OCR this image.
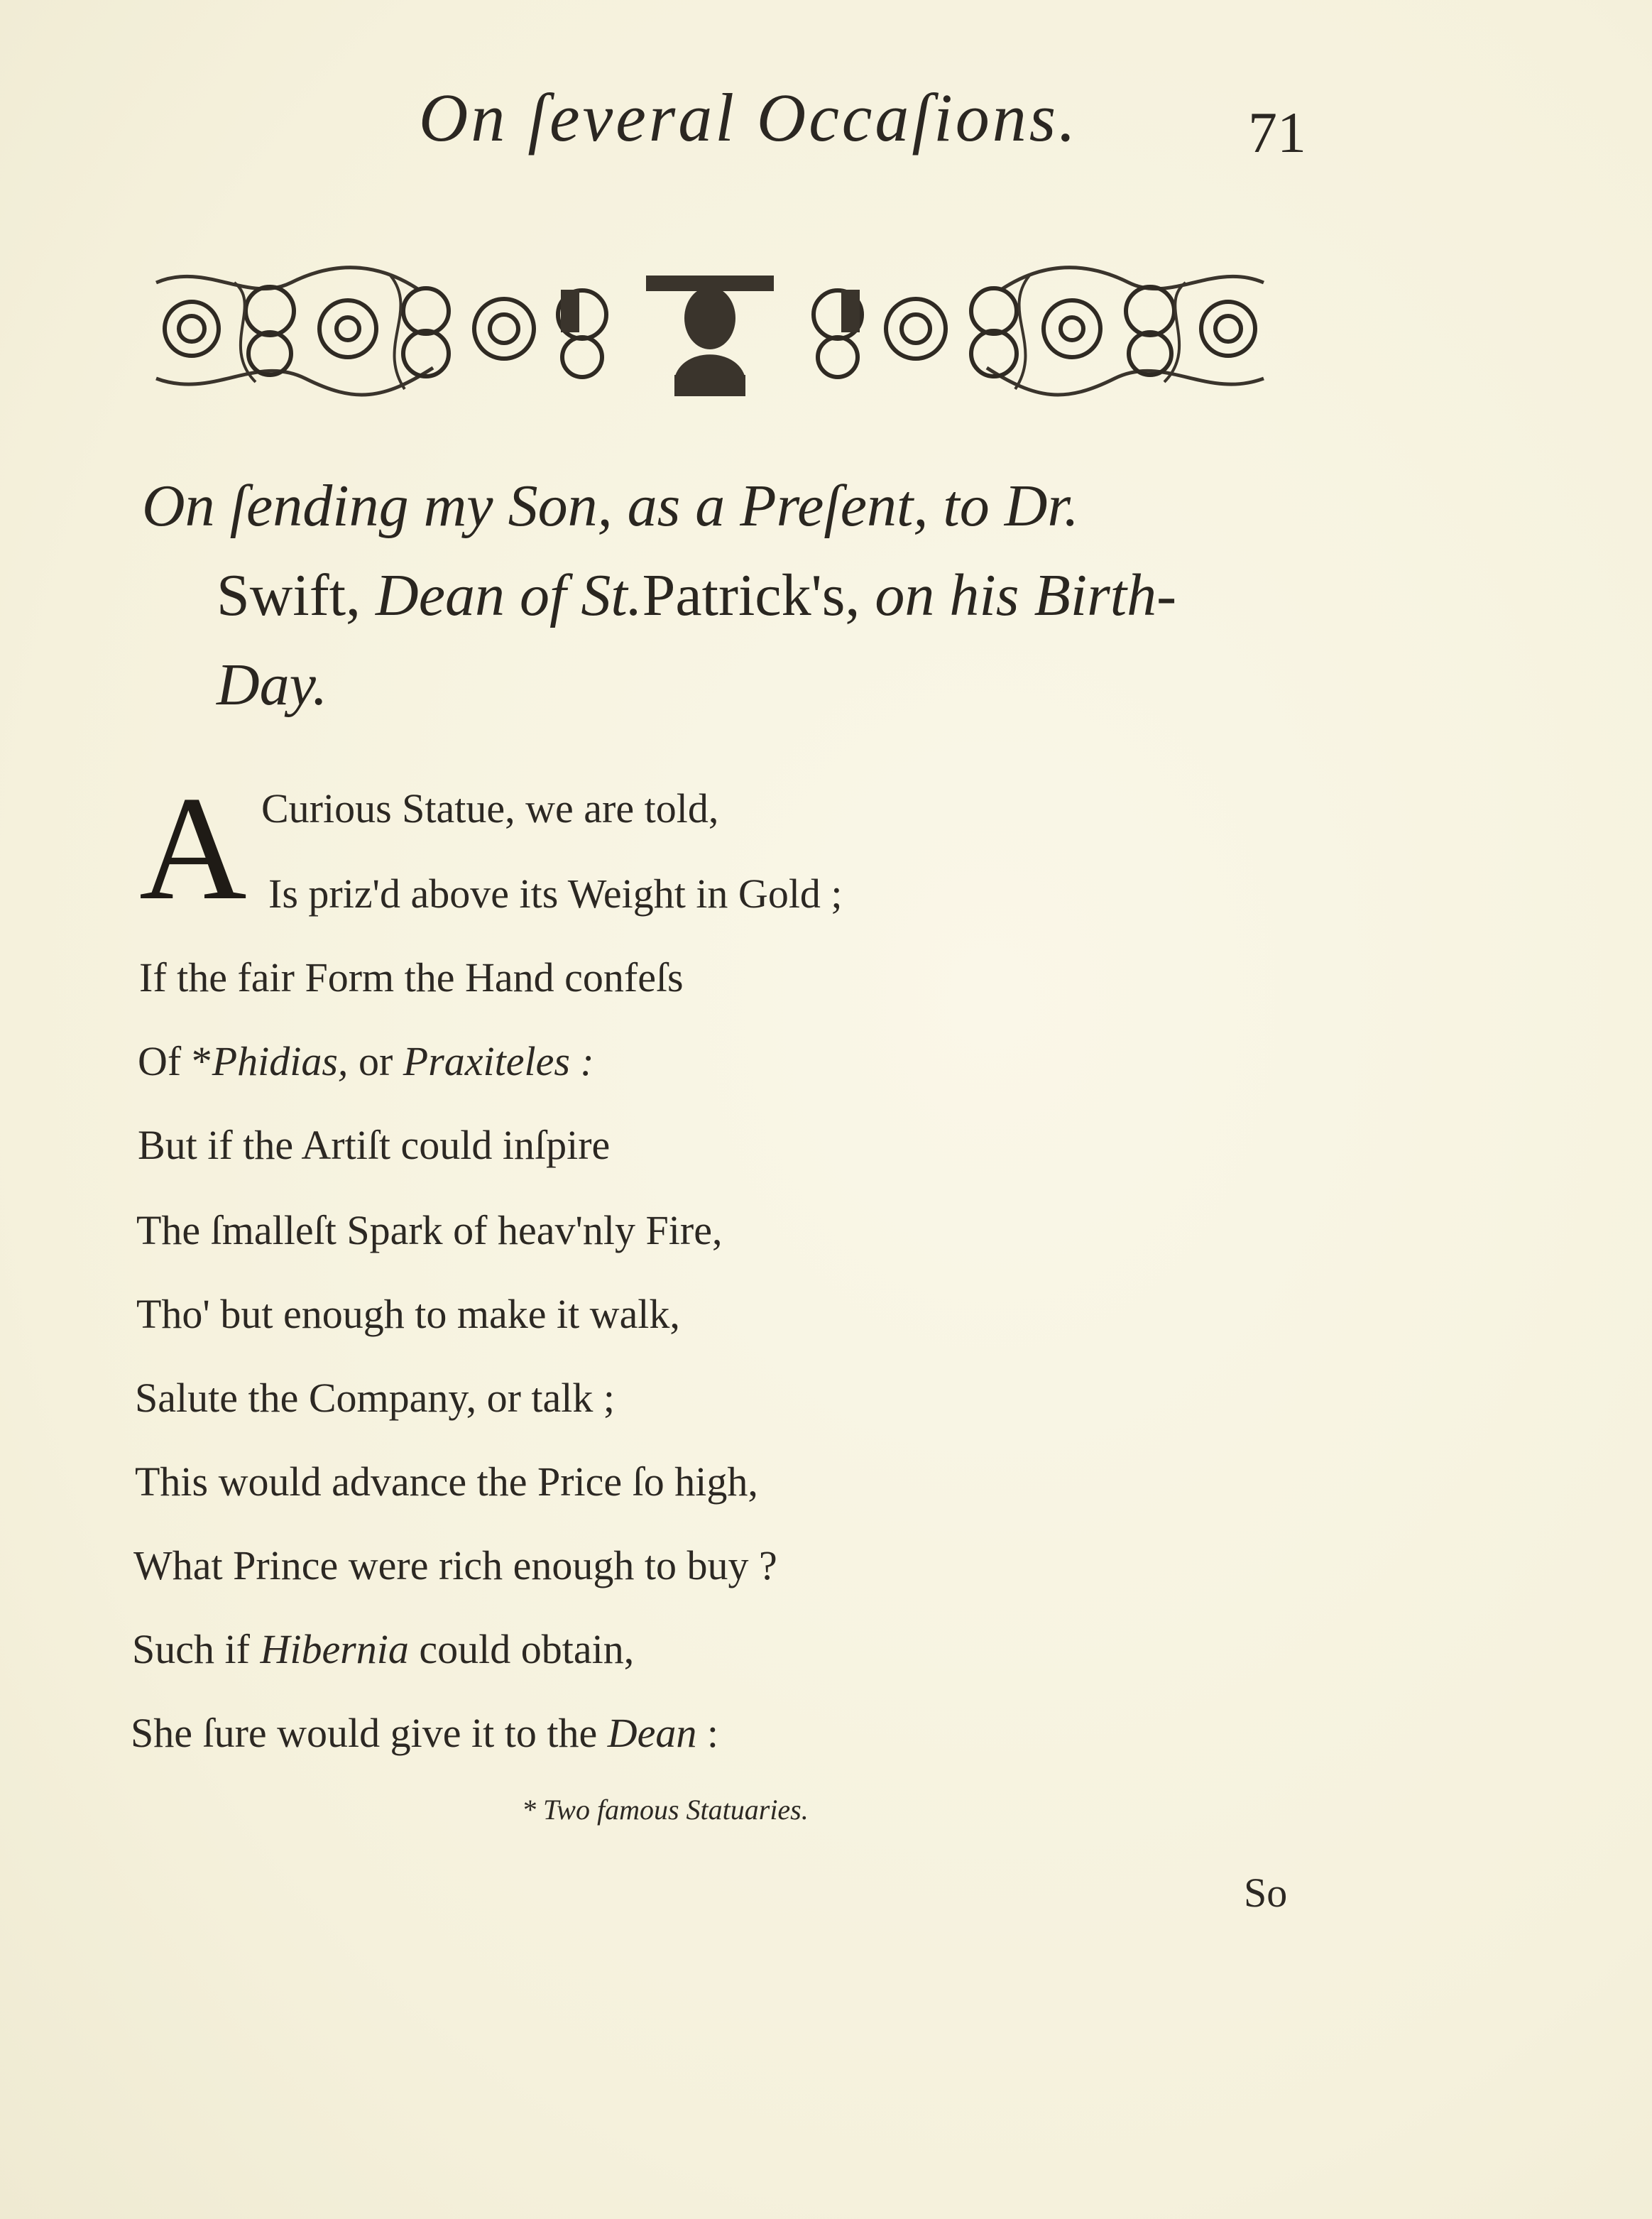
On ſeveral Occaſions.	71
On ſending my Son, as a Preſent, to Dr.
Swift, Dean of St.Patrick's, on his Birth-
Day.
A Curious Statue, we are told,
Is priz'd above its Weight in Gold ;
If the fair Form the Hand confeſs
Of *Phidias, or Praxiteles :
But if the Artiſt could inſpire
The ſmalleſt Spark of heav'nly Fire,
Tho' but enough to make it walk,
Salute the Company, or talk ;
This would advance the Price ſo high,
What Prince were rich enough to buy ?
Such if Hibernia could obtain,
She ſure would give it to the Dean :
* Two famous Statuaries.
So
